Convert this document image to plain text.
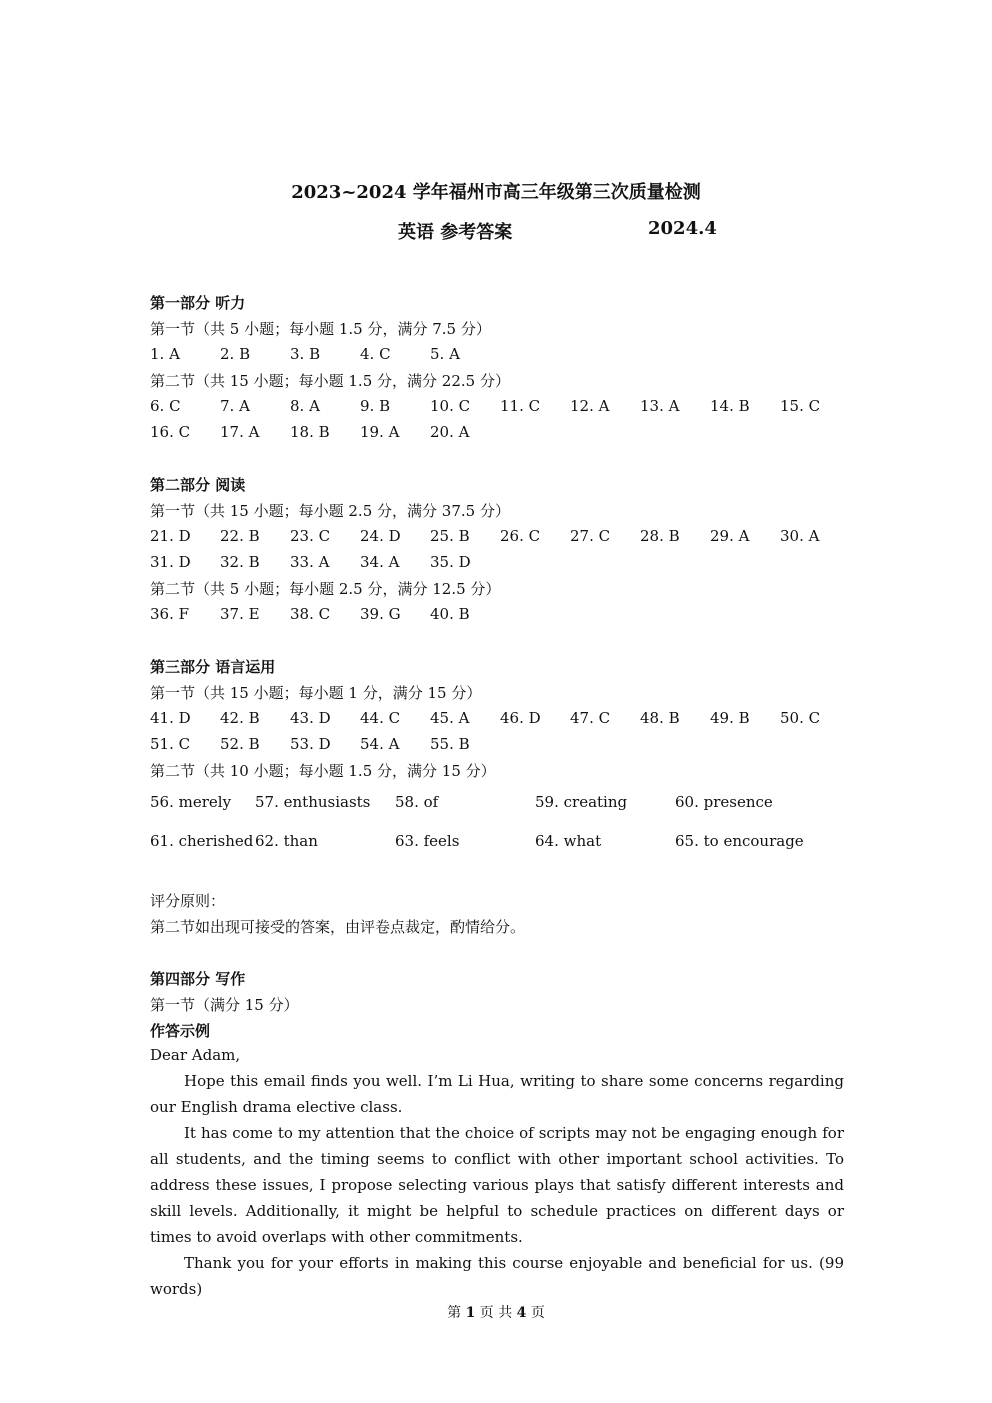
2023~2024 学年福州市高三年级第三次质量检测
英语 参考答案	2024.4
第一部分 听力
第一节（共 5 小题；每小题 1.5 分，满分 7.5 分）
1. A	2. B	3. B	4. C	5. A
第二节（共 15 小题；每小题 1.5 分，满分 22.5 分）
6. C	7. A	8. A	9. B	10. C 11. C 12. A 13. A 14. B 15. C
16. C 17. A 18. B 19. A 20. A
第二部分 阅读
第一节（共 15 小题；每小题 2.5 分，满分 37.5 分）
21. D 22. B 23. C 24. D 25. B 26. C 27. C 28. B 29. A 30. A
31. D 32. B 33. A 34. A 35. D
第二节（共 5 小题；每小题 2.5 分，满分 12.5 分）
36. F 37. E 38. C 39. G 40. B
第三部分 语言运用
第一节（共 15 小题；每小题 1 分，满分 15 分）
41. D 42. B 43. D 44. C 45. A 46. D 47. C 48. B 49. B 50. C
51. C 52. B 53. D 54. A 55. B
第二节（共 10 小题；每小题 1.5 分，满分 15 分）
56. merely 57. enthusiasts 58. of	59. creating	60. presence
61. cherished 62. than	63. feels	64. what	65. to encourage
评分原则：
第二节如出现可接受的答案，由评卷点裁定，酌情给分。
第四部分 写作
第一节（满分 15 分）
作答示例
Dear Adam,

Hope this email finds you well. I’m Li Hua, writing to share some concerns regarding our English drama elective class.

It has come to my attention that the choice of scripts may not be engaging enough for all students, and the timing seems to conflict with other important school activities. To address these issues, I propose selecting various plays that satisfy different interests and skill levels. Additionally, it might be helpful to schedule practices on different days or times to avoid overlaps with other commitments.

Thank you for your efforts in making this course enjoyable and beneficial for us. (99 words)

第 1 页 共 4 页
